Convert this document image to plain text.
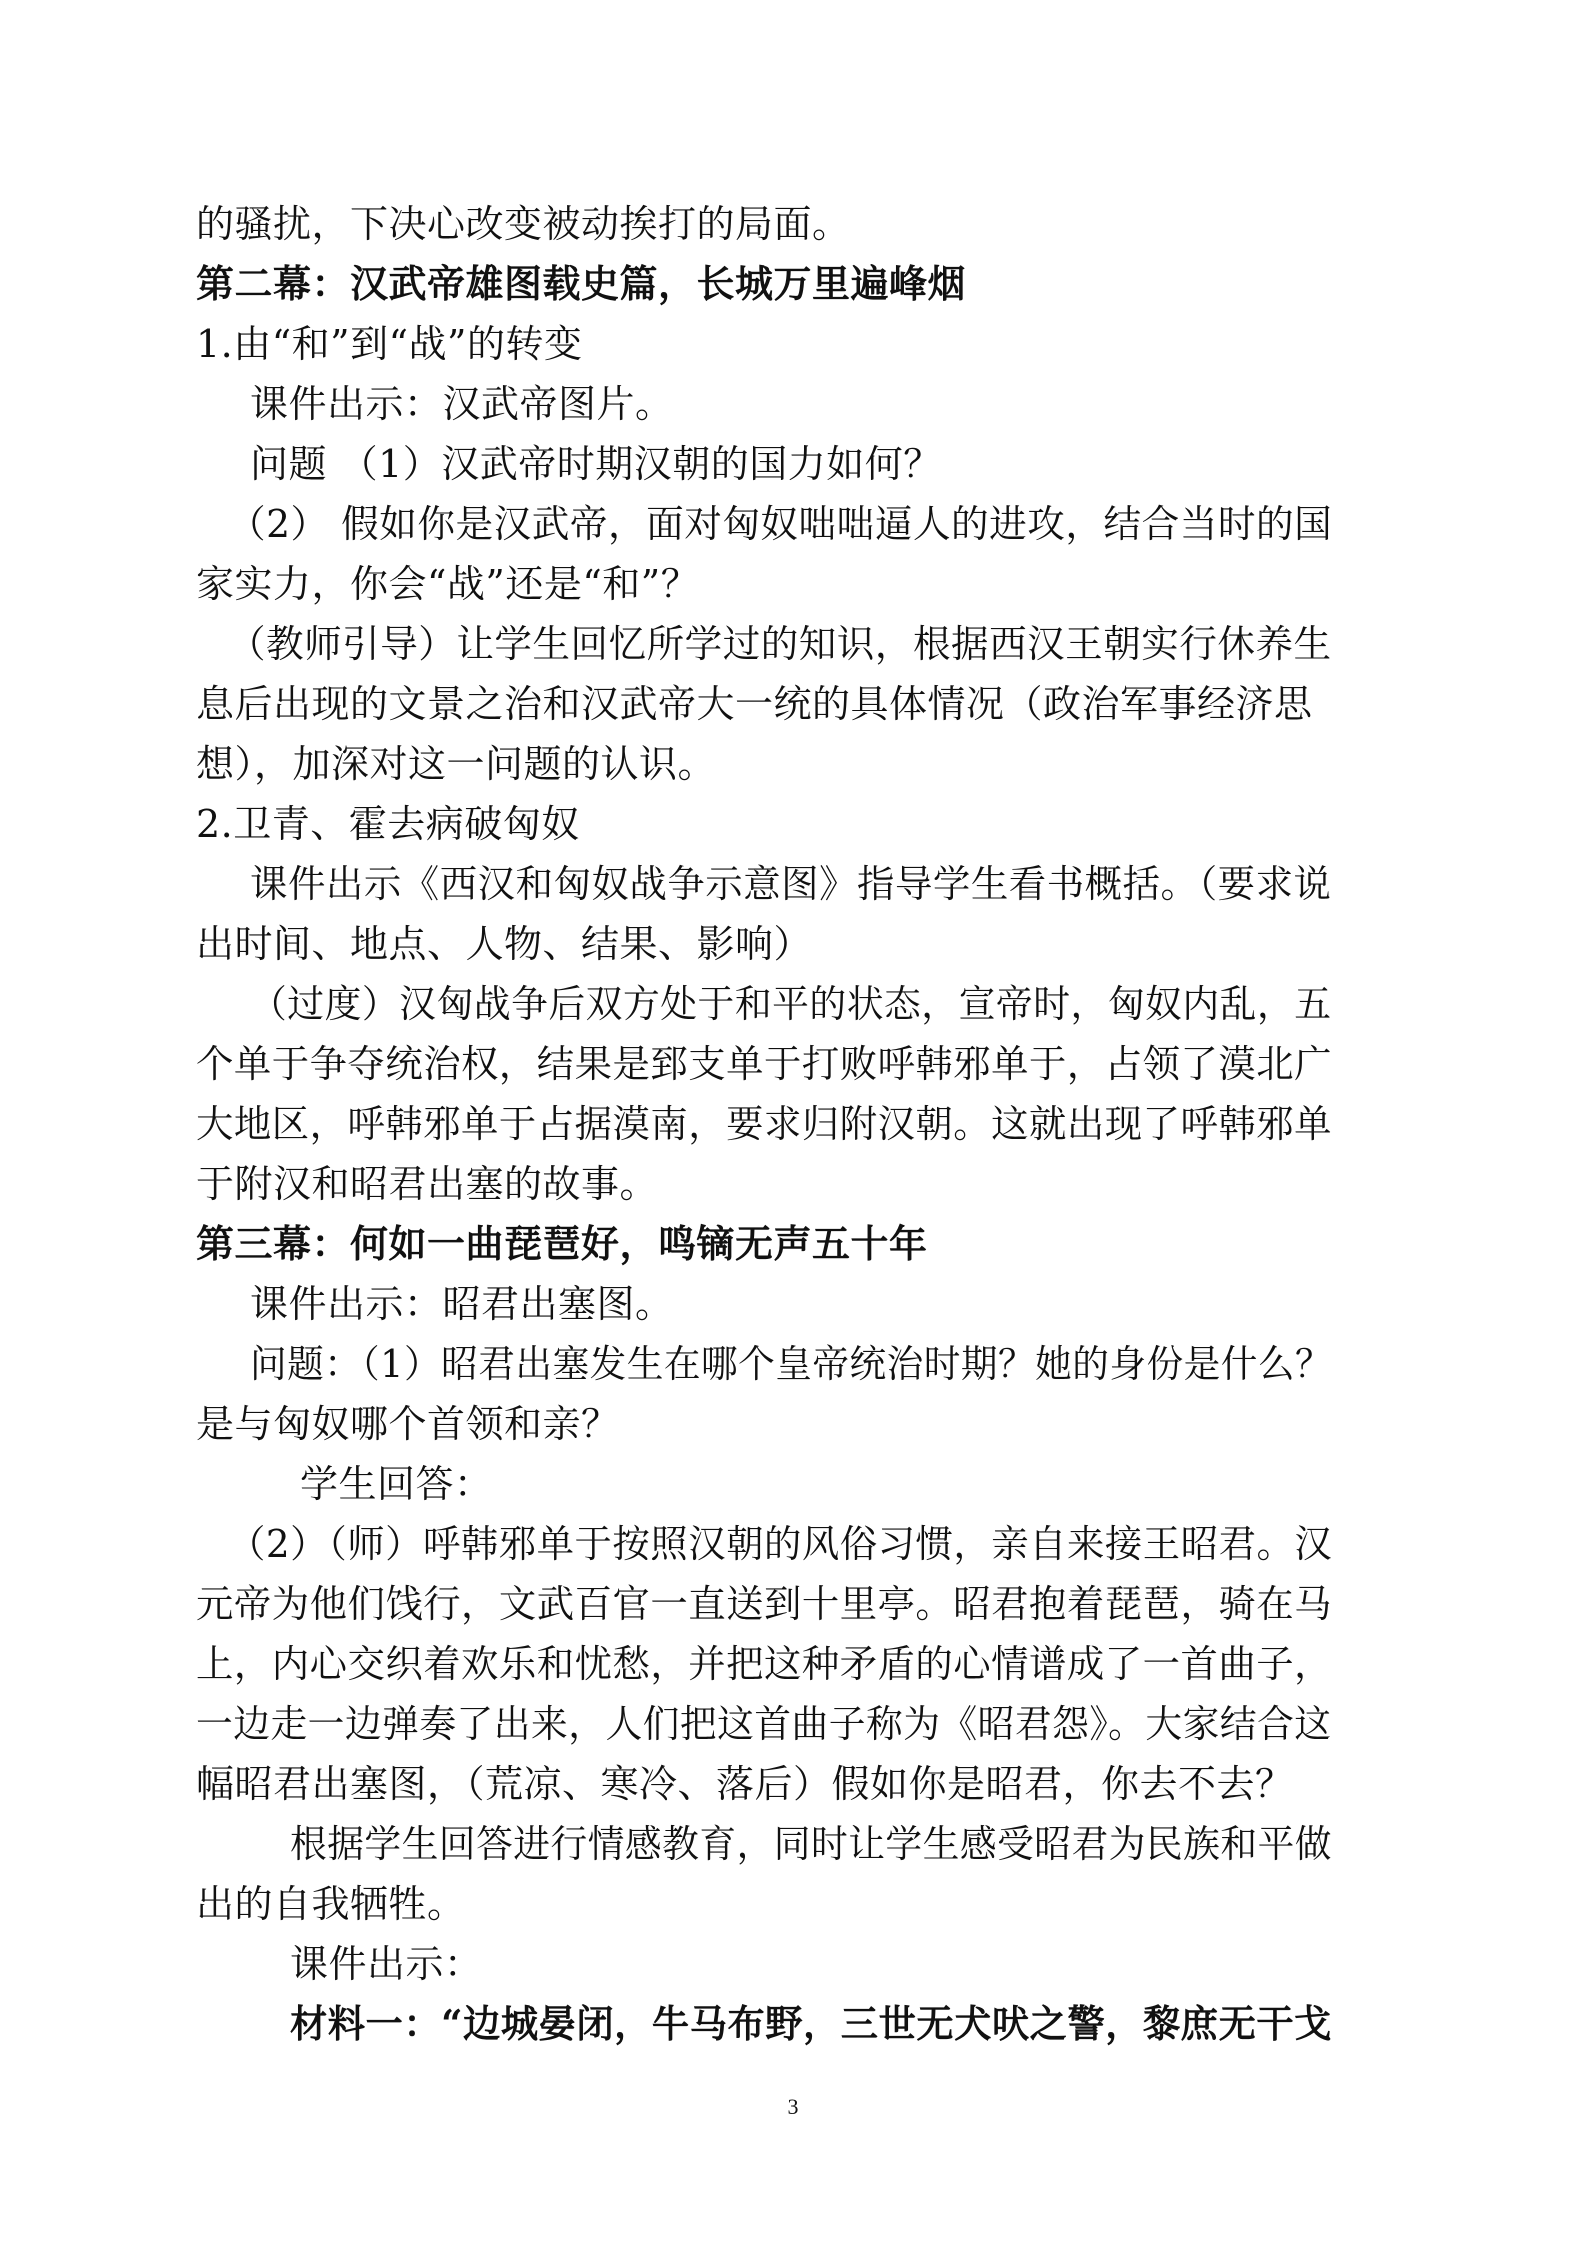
的骚扰，下决心改变被动挨打的局面。
第二幕：汉武帝雄图载史篇，长城万里遍峰烟
1.由“和”到“战”的转变
课件出示：汉武帝图片。
问题 （1）汉武帝时期汉朝的国力如何？
（2） 假如你是汉武帝，面对匈奴咄咄逼人的进攻，结合当时的国
家实力，你会“战”还是“和”？
（教师引导）让学生回忆所学过的知识，根据西汉王朝实行休养生
息后出现的文景之治和汉武帝大一统的具体情况（政治军事经济思
想），加深对这一问题的认识。
2.卫青、霍去病破匈奴
课件出示《西汉和匈奴战争示意图》指导学生看书概括。（要求说
出时间、地点、人物、结果、影响）
（过度）汉匈战争后双方处于和平的状态，宣帝时，匈奴内乱，五
个单于争夺统治权，结果是郅支单于打败呼韩邪单于，占领了漠北广
大地区，呼韩邪单于占据漠南，要求归附汉朝。这就出现了呼韩邪单
于附汉和昭君出塞的故事。
第三幕：何如一曲琵琶好，鸣镝无声五十年
课件出示：昭君出塞图。
问题：（1）昭君出塞发生在哪个皇帝统治时期？她的身份是什么？
是与匈奴哪个首领和亲？
学生回答：
（2）（师）呼韩邪单于按照汉朝的风俗习惯，亲自来接王昭君。汉
元帝为他们饯行，文武百官一直送到十里亭。昭君抱着琵琶，骑在马
上，内心交织着欢乐和忧愁，并把这种矛盾的心情谱成了一首曲子，
一边走一边弹奏了出来，人们把这首曲子称为《昭君怨》。大家结合这
幅昭君出塞图，（荒凉、寒冷、落后）假如你是昭君，你去不去？
根据学生回答进行情感教育，同时让学生感受昭君为民族和平做
出的自我牺牲。
课件出示：
材料一：“边城晏闭，牛马布野，三世无犬吠之警，黎庶无干戈
3
